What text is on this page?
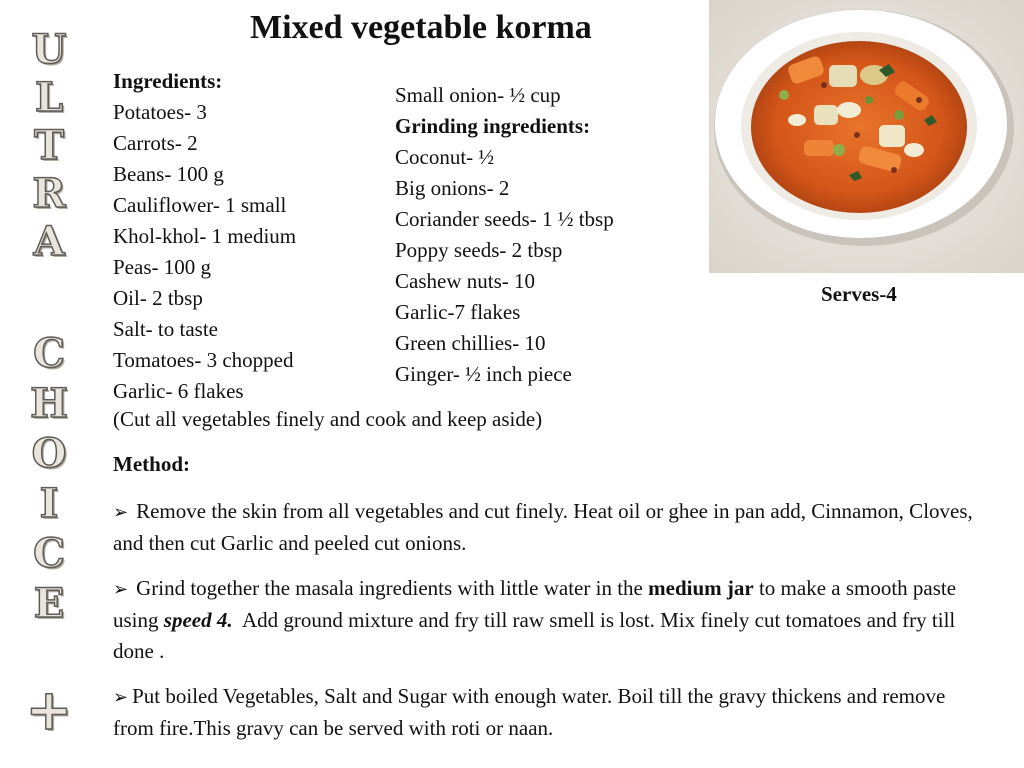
U
L
T
R
A
C
H
O
I
C
E
+
Mixed vegetable korma
Ingredients:
Potatoes- 3
Carrots- 2
Beans- 100 g
Cauliflower- 1 small
Khol-khol- 1 medium
Peas- 100 g
Oil- 2 tbsp
Salt- to taste
Tomatoes- 3 chopped
Garlic- 6 flakes
Small onion- ½ cup
Grinding ingredients:
Coconut- ½
Big onions- 2
Coriander seeds- 1 ½ tbsp
Poppy seeds- 2 tbsp
Cashew nuts- 10
Garlic-7 flakes
Green chillies- 10
Ginger- ½ inch piece
(Cut all vegetables finely and cook and keep aside)
Serves-4
Method:
➢ Remove the skin from all vegetables and cut finely. Heat oil or ghee in pan add, Cinnamon, Cloves, and then cut Garlic and peeled cut onions.
➢ Grind together the masala ingredients with little water in the medium jar to make a smooth paste using speed 4. Add ground mixture and fry till raw smell is lost. Mix finely cut tomatoes and fry till done .
➢ Put boiled Vegetables, Salt and Sugar with enough water. Boil till the gravy thickens and remove from fire.This gravy can be served with roti or naan.
